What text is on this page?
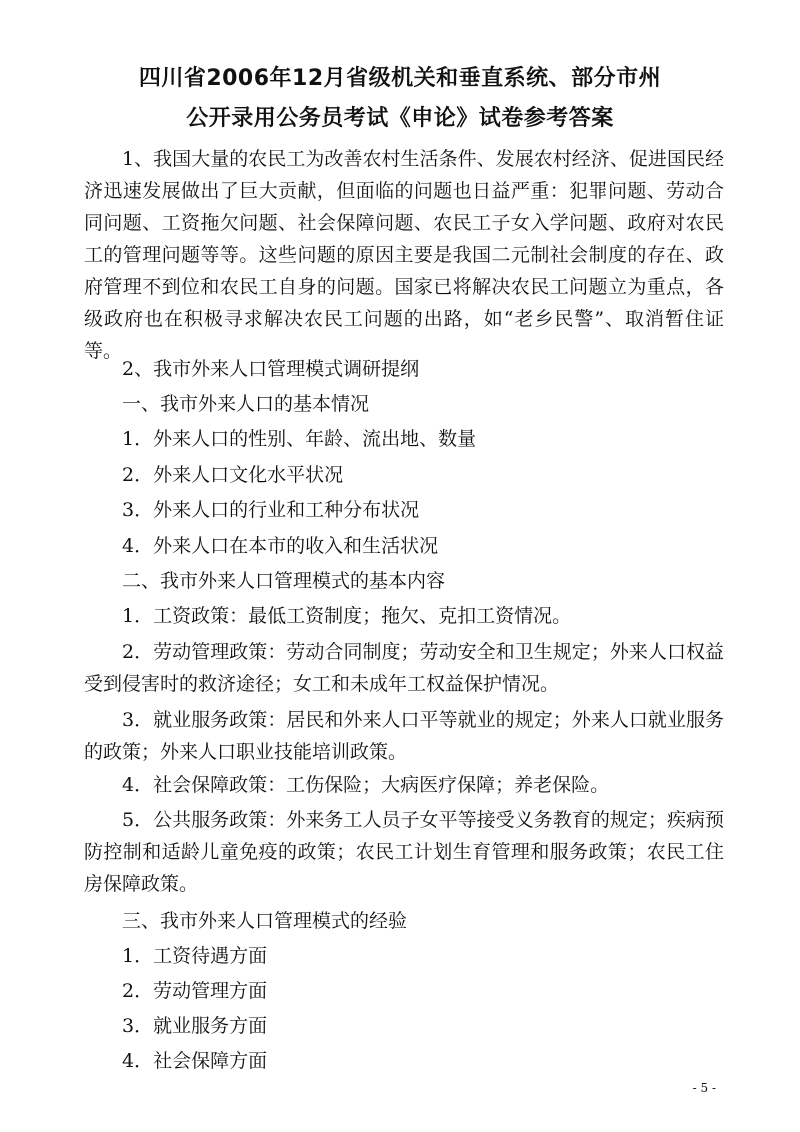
四川省2006年12月省级机关和垂直系统、部分市州
公开录用公务员考试《申论》试卷参考答案

1、我国大量的农民工为改善农村生活条件、发展农村经济、促进国民经济迅速发展做出了巨大贡献，但面临的问题也日益严重：犯罪问题、劳动合同问题、工资拖欠问题、社会保障问题、农民工子女入学问题、政府对农民工的管理问题等等。这些问题的原因主要是我国二元制社会制度的存在、政府管理不到位和农民工自身的问题。国家已将解决农民工问题立为重点，各级政府也在积极寻求解决农民工问题的出路，如“老乡民警”、取消暂住证等。

2、我市外来人口管理模式调研提纲

一、我市外来人口的基本情况

1．外来人口的性别、年龄、流出地、数量

2．外来人口文化水平状况

3．外来人口的行业和工种分布状况

4．外来人口在本市的收入和生活状况

二、我市外来人口管理模式的基本内容

1．工资政策：最低工资制度；拖欠、克扣工资情况。

2．劳动管理政策：劳动合同制度；劳动安全和卫生规定；外来人口权益受到侵害时的救济途径；女工和未成年工权益保护情况。

3．就业服务政策：居民和外来人口平等就业的规定；外来人口就业服务的政策；外来人口职业技能培训政策。

4．社会保障政策：工伤保险；大病医疗保障；养老保险。

5．公共服务政策：外来务工人员子女平等接受义务教育的规定；疾病预防控制和适龄儿童免疫的政策；农民工计划生育管理和服务政策；农民工住房保障政策。

三、我市外来人口管理模式的经验

1．工资待遇方面

2．劳动管理方面

3．就业服务方面

4．社会保障方面

- 5 -
